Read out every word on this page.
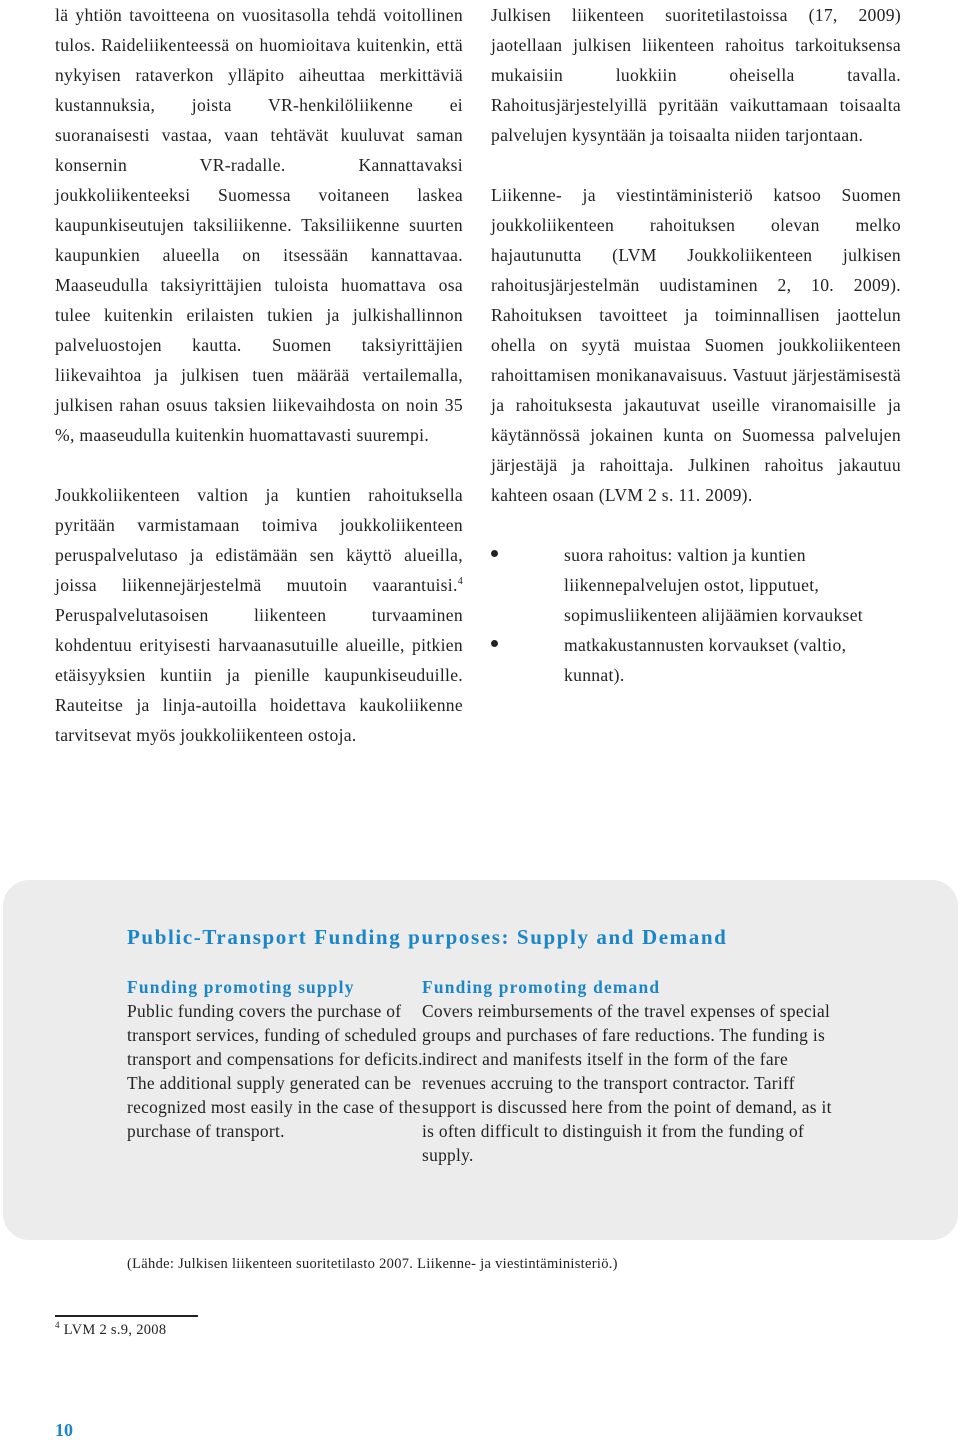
lä yhtiön tavoitteena on vuositasolla tehdä voitollinen tulos. Raideliikenteessä on huomioitava kuitenkin, että nykyisen rataverkon ylläpito aiheuttaa merkittäviä kustannuksia, joista VR-henkilöliikenne ei suoranaisesti vastaa, vaan tehtävät kuuluvat saman konsernin VR-radalle. Kannattavaksi joukkoliikenteeksi Suomessa voitaneen laskea kaupunkiseutujen taksiliikenne. Taksiliikenne suurten kaupunkien alueella on itsessään kannattavaa. Maaseudulla taksiyrittäjien tuloista huomattava osa tulee kuitenkin erilaisten tukien ja julkishallinnon palveluostojen kautta. Suomen taksiyrittäjien liikevaihtoa ja julkisen tuen määrää vertailemalla, julkisen rahan osuus taksien liikevaihdosta on noin 35 %, maaseudulla kuitenkin huomattavasti suurempi.

Joukkoliikenteen valtion ja kuntien rahoituksella pyritään varmistamaan toimiva joukkoliikenteen peruspalvelutaso ja edistämään sen käyttö alueilla, joissa liikennejärjestelmä muutoin vaarantuisi.$^4$ Peruspalvelutasoisen liikenteen turvaaminen kohdentuu erityisesti harvaanasutuille alueille, pitkien etäisyyksien kuntiin ja pienille kaupunkiseuduille. Rauteitse ja linja-autoilla hoidettava kaukoliikenne tarvitsevat myös joukkoliikenteen ostoja.

Julkisen liikenteen suoritetilastoissa (17, 2009) jaotellaan julkisen liikenteen rahoitus tarkoituksensa mukaisiin luokkiin oheisella tavalla. Rahoitusjärjestelyillä pyritään vaikuttamaan toisaalta palvelujen kysyntään ja toisaalta niiden tarjontaan.

Liikenne- ja viestintäministeriö katsoo Suomen joukkoliikenteen rahoituksen olevan melko hajautunutta (LVM Joukkoliikenteen julkisen rahoitusjärjestelmän uudistaminen 2, 10. 2009). Rahoituksen tavoitteet ja toiminnallisen jaottelun ohella on syytä muistaa Suomen joukkoliikenteen rahoittamisen monikanavaisuus. Vastuut järjestämisestä ja rahoituksesta jakautuvat useille viranomaisille ja käytännössä jokainen kunta on Suomessa palvelujen järjestäjä ja rahoittaja. Julkinen rahoitus jakautuu kahteen osaan (LVM 2 s. 11. 2009).

suora rahoitus: valtion ja kuntien liikennepalvelujen ostot, lipputuet, sopimusliikenteen alijäämien korvaukset
matkakustannusten korvaukset (valtio, kunnat).
Public-Transport Funding purposes: Supply and Demand
Funding promoting supply

Public funding covers the purchase of transport services, funding of scheduled transport and compensations for deficits. The additional supply generated can be recognized most easily in the case of the purchase of transport.

Funding promoting demand

Covers reimbursements of the travel expenses of special groups and purchases of fare reductions. The funding is indirect and manifests itself in the form of the fare revenues accruing to the transport contractor. Tariff support is discussed here from the point of demand, as it is often difficult to distinguish it from the funding of supply.

(Lähde: Julkisen liikenteen suoritetilasto 2007. Liikenne- ja viestintäministeriö.)

$^4$ LVM 2 s.9, 2008

10
